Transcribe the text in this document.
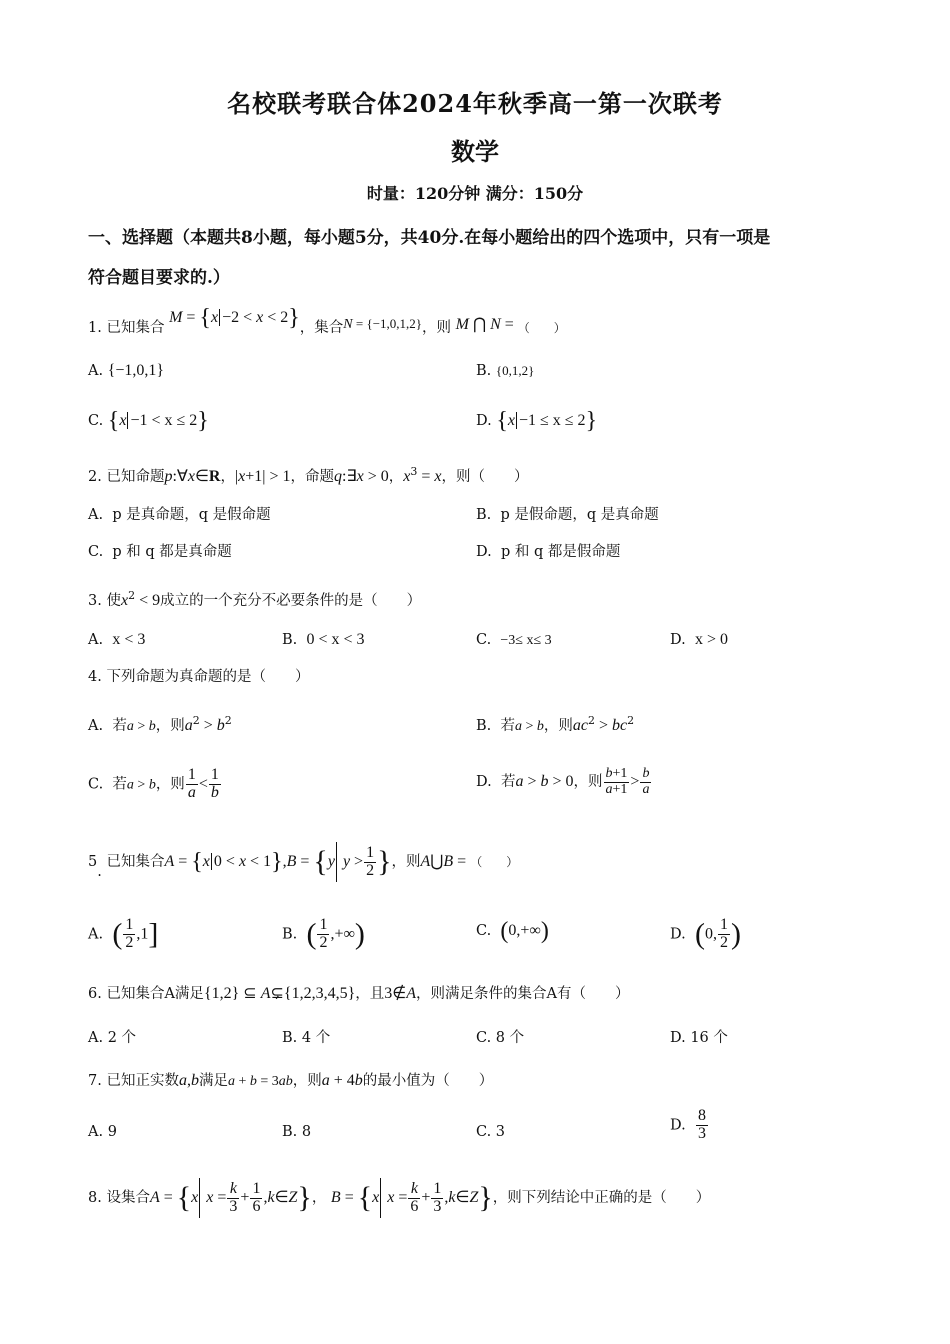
名校联考联合体2024年秋季高一第一次联考
数学
时量：120分钟 满分：150分
一、选择题（本题共8小题，每小题5分，共40分.在每小题给出的四个选项中，只有一项是
符合题目要求的.）
1. 已知集合 M = {x −2 < x < 2}，集合N = {−1,0,1,2}，则 M ⋂ N = （　　）
A. {−1,0,1}	B. {0,1,2}
C. {x −1 < x ≤ 2}	D. {x −1 ≤ x ≤ 2}
2. 已知命题p:∀x∈R，|x+1| > 1，命题q:∃x > 0，$x^3 = x$，则（　　）
A.  p 是真命题，q 是假命题	B.  p 是假命题，q 是真命题
C.  p 和 q 都是真命题	D.  p 和 q 都是假命题
3. 使$x^2 < 9$成立的一个充分不必要条件的是（　　）
A.  x < 3	B.  0 < x < 3	C.  −3≤ x≤ 3	D.  x > 0
4. 下列命题为真命题的是（　　）
A.  若a > b，则$a^2 > b^2$	B.  若a > b，则$ac^2 > bc^2$
C.  若a > b，则 $\frac{1}{a} < \frac{1}{b}$	D.  若a > b > 0，则 $\frac{b+1}{a+1} > \frac{b}{a}$
5. 已知集合A = {x 0 < x < 1},B = {y $y > \frac{1}{2}$ }，则A⋃B = （　　）
A.  ( $\frac{1}{2} ,1$]	B.  ( $\frac{1}{2}$ ,+∞)	C.  (0,+∞)	D.  (0, $\frac{1}{2}$ )
6. 已知集合A满足{1,2} ⊆ A⊊{1,2,3,4,5}，且3∉A，则满足条件的集合A有（　　）
A. 2 个	B. 4 个	C. 8 个	D. 16 个
7. 已知正实数a,b满足a + b = 3ab，则a + 4b的最小值为（　　）
A. 9	B. 8	C. 3	D. $\frac{8}{3}$
8. 设集合A = {x $x = \frac{k}{3} + \frac{1}{6}$ ,k∈Z}， B = {x $x = \frac{k}{6} + \frac{1}{3}$ ,k∈Z}，则下列结论中正确的是（　　）
